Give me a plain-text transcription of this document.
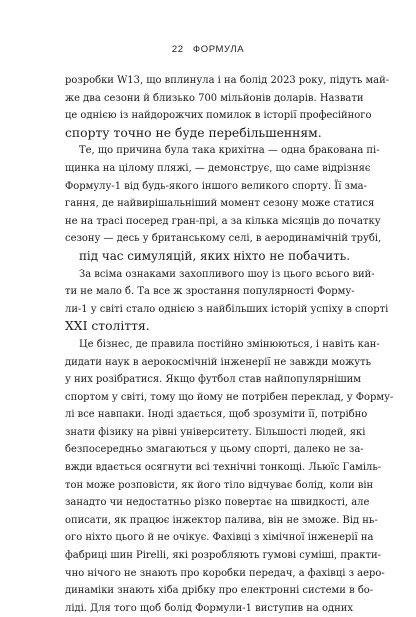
22 ФОРМУЛА
розробки W13, що вплинула і на болід 2023 року, підуть май-
же два сезони й близько 700 мільйонів доларів. Назвати
це однією із найдорожчих помилок в історії професійного
спорту точно не буде перебільшенням.
Те, що причина була така крихітна — одна бракована пі-
щинка на цілому пляжі, — демонструє, що саме відрізняє
Формулу-1 від будь-якого іншого великого спорту. Її зма-
гання, де найвирішальніший момент сезону може статися
не на трасі посеред гран-прі, а за кілька місяців до початку
сезону — десь у британському селі, в аеродинамічній трубі,
під час симуляцій, яких ніхто не побачить.
За всіма ознаками захопливого шоу із цього всього вий-
ти не мало б. Та все ж зростання популярності Форму-
ли-1 у світі стало однією з найбільших історій успіху в спорті
XXI століття.
Це бізнес, де правила постійно змінюються, і навіть кан-
дидати наук в аерокосмічній інженерії не завжди можуть
у них розібратися. Якщо футбол став найпопулярнішим
спортом у світі, тому що йому не потрібен переклад, у Форму-
лі все навпаки. Іноді здається, щоб зрозуміти її, потрібно
знати фізику на рівні університету. Більшості людей, які
безпосередньо змагаються у цьому спорті, далеко не за-
вжди вдається осягнути всі технічні тонкощі. Льюїс Гаміль-
тон може розповісти, як його тіло відчуває болід, коли він
занадто чи недостатньо різко повертає на швидкості, але
описати, як працює інжектор палива, він не зможе. Від нь-
ого ніхто цього й не очікує. Фахівці з хімічної інженерії на
фабриці шин Pirelli, які розробляють гумові суміші, практи-
чно нічого не знають про коробки передач, а фахівці з аеро-
динаміки знають хіба дрібку про електронні системи в бо-
ліді. Для того щоб болід Формули-1 виступив на одних
